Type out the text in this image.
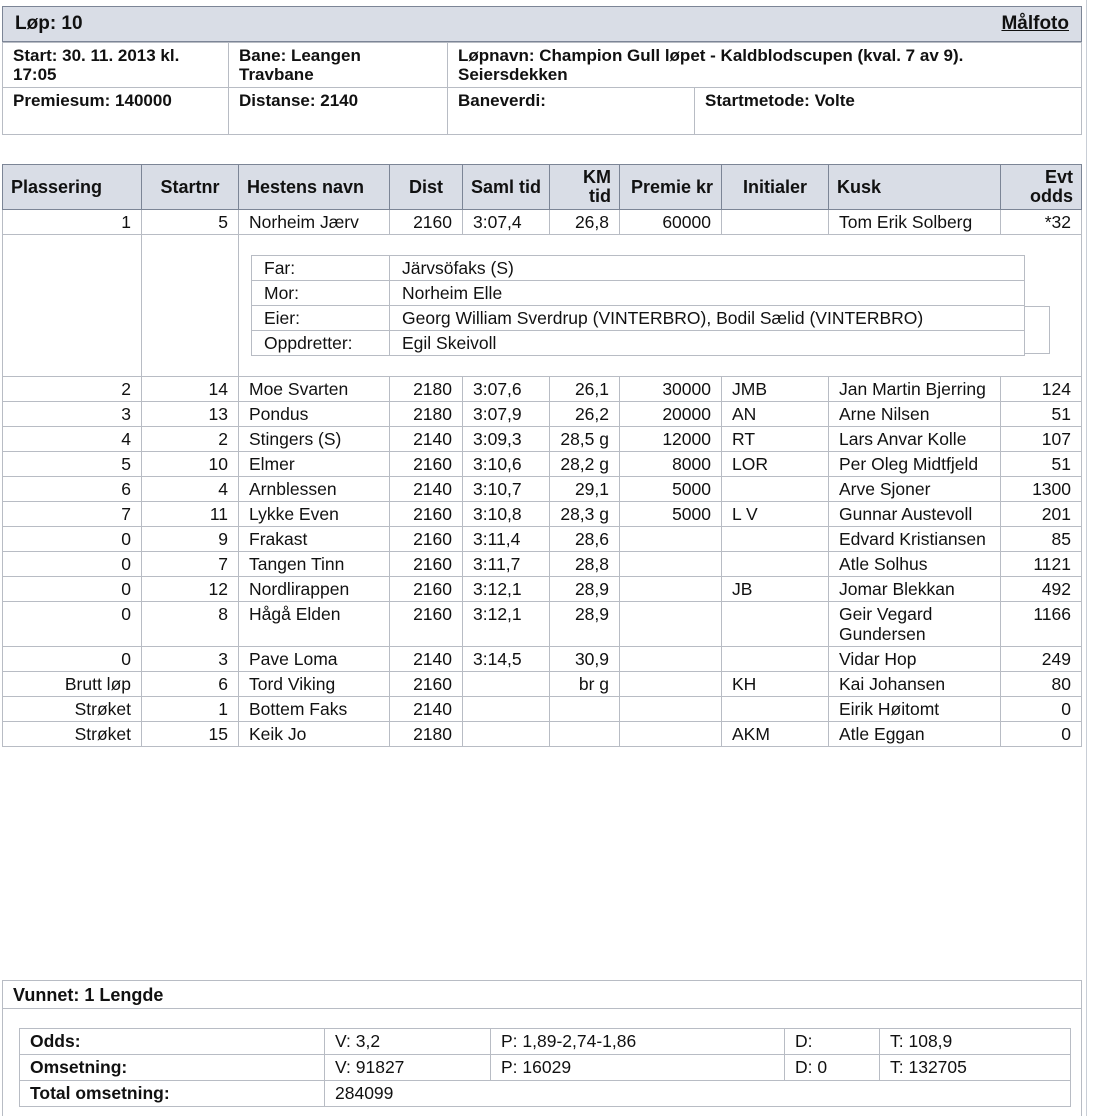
Løp: 10	Målfoto
Start: 30. 11. 2013 kl. 17:05	Bane: Leangen Travbane	Løpnavn: Champion Gull løpet - Kaldblodscupen (kval. 7 av 9). Seiersdekken	
Premiesum: 140000	Distanse: 2140	Baneverdi:	Startmetode: Volte
Plassering	Startnr	Hestens navn	Dist	Saml tid	KM tid	Premie kr	Initialer	Kusk	Evt odds
1	5	Norheim Jærv	2160	3:07,4	26,8	60000		Tom Erik Solberg	*32
		Far:	Järvsöfaks (S)
Mor:	Norheim Elle
Eier:	Georg William Sverdrup (VINTERBRO), Bodil Sælid (VINTERBRO)
Oppdretter:	Egil Skeivoll
2	14	Moe Svarten	2180	3:07,6	26,1	30000	JMB	Jan Martin Bjerring	124
3	13	Pondus	2180	3:07,9	26,2	20000	AN	Arne Nilsen	51
4	2	Stingers (S)	2140	3:09,3	28,5 g	12000	RT	Lars Anvar Kolle	107
5	10	Elmer	2160	3:10,6	28,2 g	8000	LOR	Per Oleg Midtfjeld	51
6	4	Arnblessen	2140	3:10,7	29,1	5000		Arve Sjoner	1300
7	11	Lykke Even	2160	3:10,8	28,3 g	5000	L V	Gunnar Austevoll	201
0	9	Frakast	2160	3:11,4	28,6			Edvard Kristiansen	85
0	7	Tangen Tinn	2160	3:11,7	28,8			Atle Solhus	1121
0	12	Nordlirappen	2160	3:12,1	28,9		JB	Jomar Blekkan	492
0	8	Hågå Elden	2160	3:12,1	28,9			Geir Vegard Gundersen	1166
0	3	Pave Loma	2140	3:14,5	30,9			Vidar Hop	249
Brutt løp	6	Tord Viking	2160		br g		KH	Kai Johansen	80
Strøket	1	Bottem Faks	2140					Eirik Høitomt	0
Strøket	15	Keik Jo	2180				AKM	Atle Eggan	0
Vunnet: 1 Lengde
Odds:	V: 3,2	P: 1,89-2,74-1,86	D:	T: 108,9
Omsetning:	V: 91827	P: 16029	D: 0	T: 132705
Total omsetning:	284099			
